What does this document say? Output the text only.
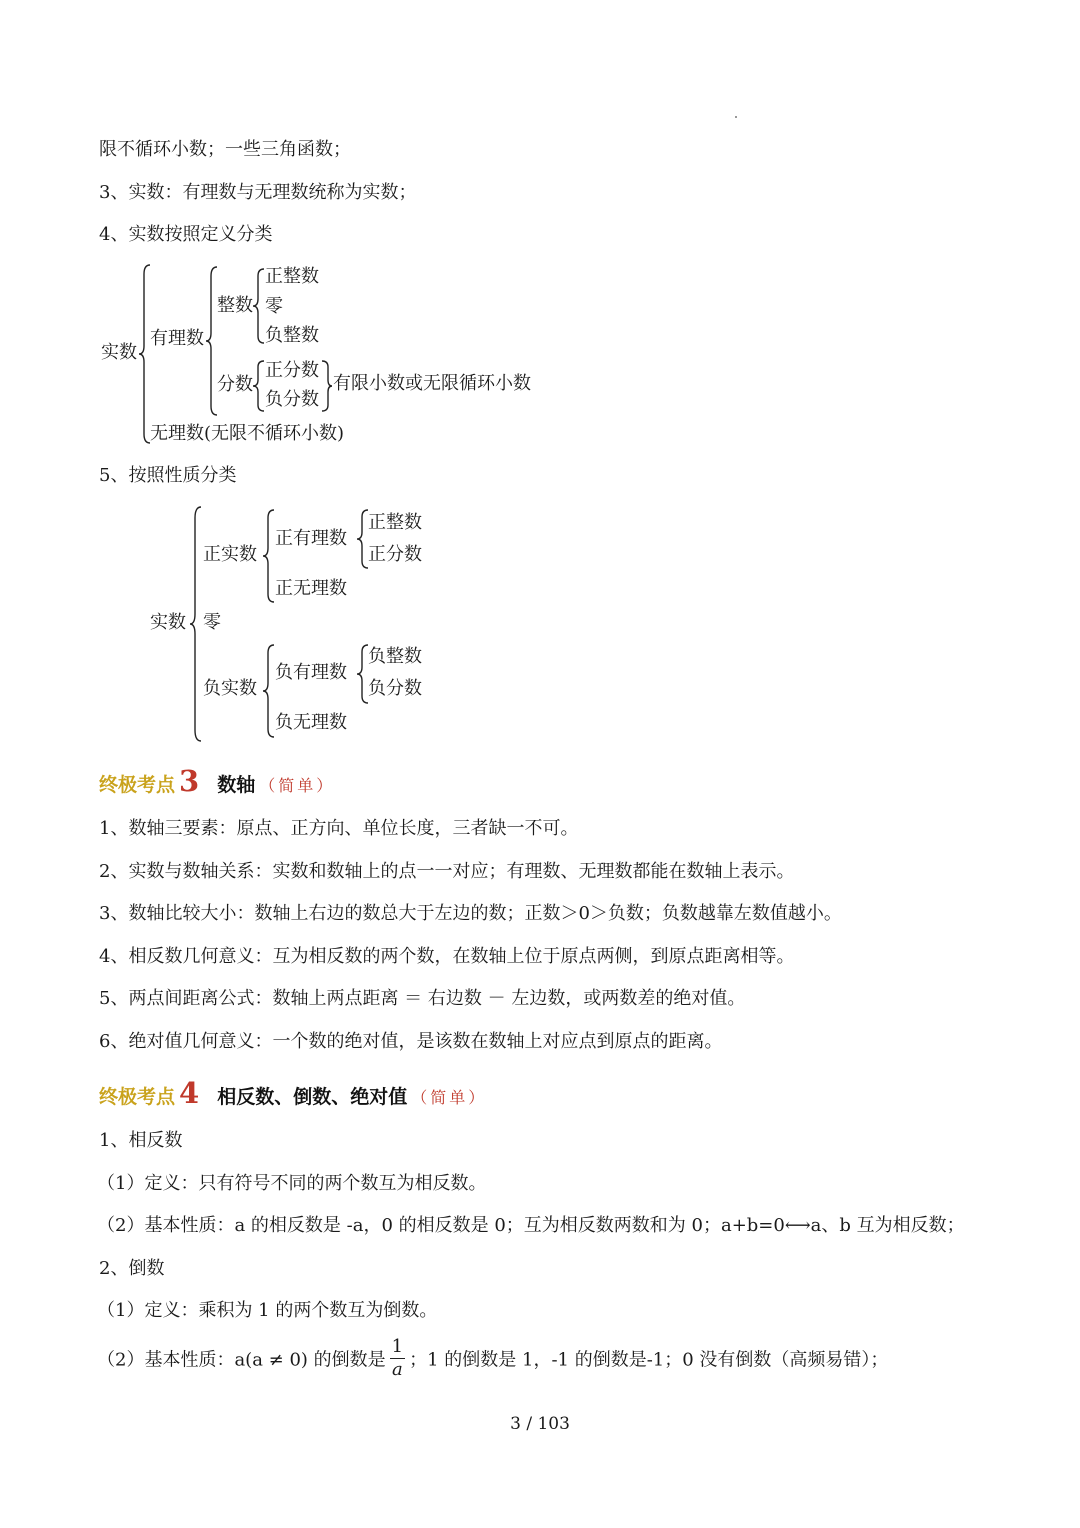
限不循环小数；一些三角函数；
3、实数：有理数与无理数统称为实数；
4、实数按照定义分类
实数
有理数
整数
正整数
零
负整数
分数
正分数
负分数
有限小数或无限循环小数
无理数(无限不循环小数)
5、按照性质分类
实数
正实数
正有理数
正整数
正分数
正无理数
零
负实数
负有理数
负整数
负分数
负无理数
终极考点 3 数轴 （简单）
1、数轴三要素：原点、正方向、单位长度，三者缺一不可。
2、实数与数轴关系：实数和数轴上的点一一对应；有理数、无理数都能在数轴上表示。
3、数轴比较大小：数轴上右边的数总大于左边的数；正数＞0＞负数；负数越靠左数值越小。
4、相反数几何意义：互为相反数的两个数，在数轴上位于原点两侧，到原点距离相等。
5、两点间距离公式：数轴上两点距离 ＝ 右边数 － 左边数，或两数差的绝对值。
6、绝对值几何意义：一个数的绝对值，是该数在数轴上对应点到原点的距离。
终极考点 4 相反数、倒数、绝对值 （简单）
1、相反数
（1）定义：只有符号不同的两个数互为相反数。
（2）基本性质：a 的相反数是 -a，0 的相反数是 0；互为相反数两数和为 0；a+b=0⟷a、b 互为相反数；
2、倒数
（1）定义：乘积为 1 的两个数互为倒数。
（2）基本性质：a(a ≠ 0) 的倒数是 $\frac{1}{a}$ ；1 的倒数是 1，-1 的倒数是-1；0 没有倒数（高频易错）；
3 / 103
